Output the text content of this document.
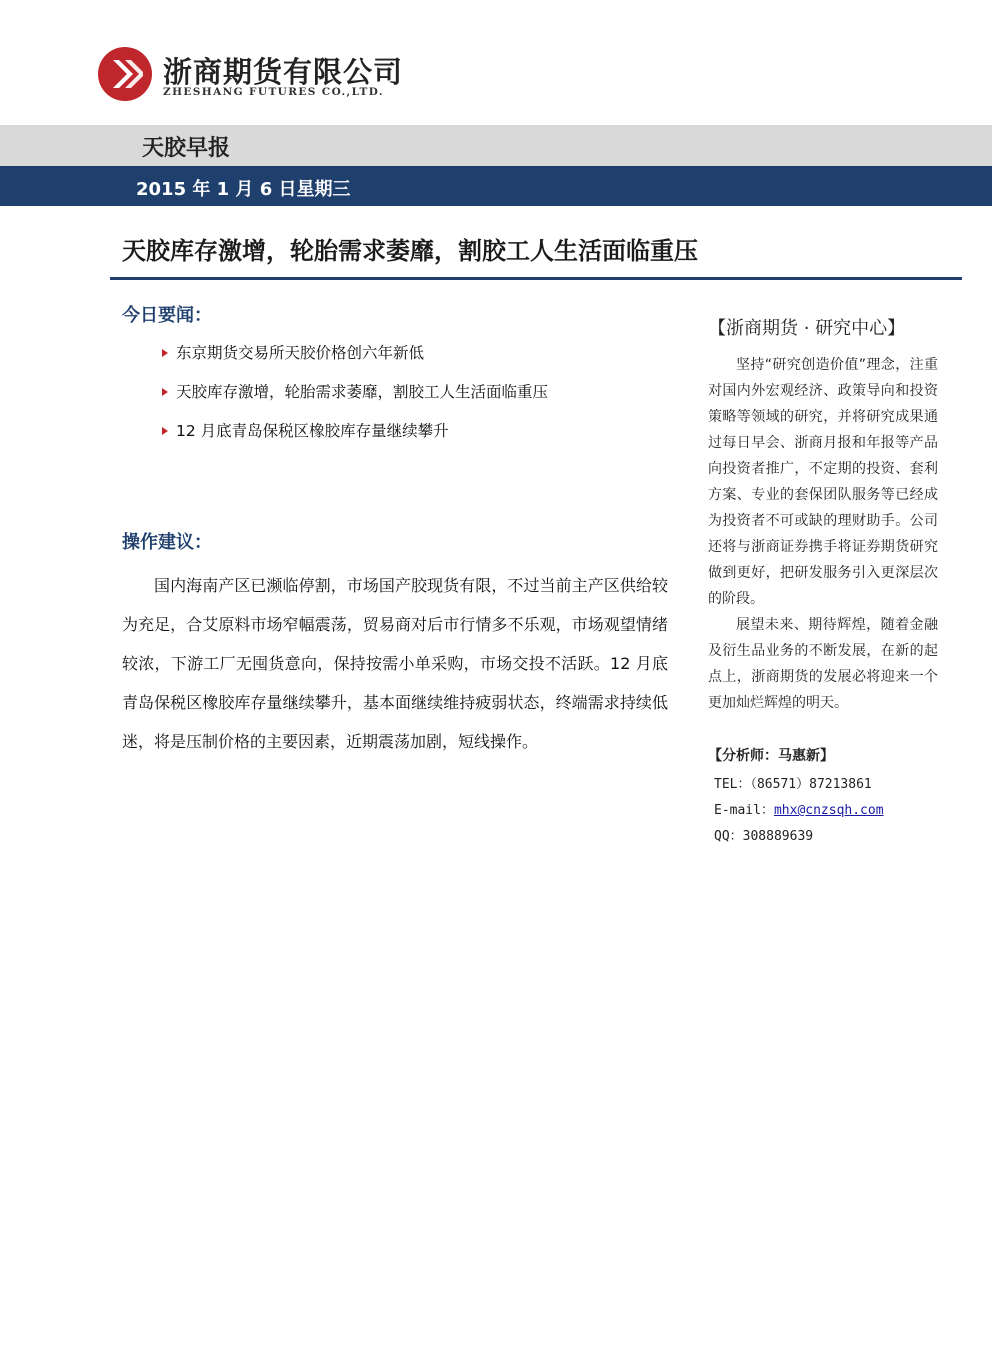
浙商期货有限公司
ZHESHANG FUTURES CO.,LTD.
天胶早报
2015 年 1 月 6 日星期三
天胶库存激增，轮胎需求萎靡，割胶工人生活面临重压
今日要闻：
东京期货交易所天胶价格创六年新低
天胶库存激增，轮胎需求萎靡，割胶工人生活面临重压
12 月底青岛保税区橡胶库存量继续攀升
操作建议：

国内海南产区已濒临停割，市场国产胶现货有限，不过当前主产区供给较为充足，合艾原料市场窄幅震荡，贸易商对后市行情多不乐观，市场观望情绪较浓，下游工厂无囤货意向，保持按需小单采购，市场交投不活跃。12 月底青岛保税区橡胶库存量继续攀升，基本面继续维持疲弱状态，终端需求持续低迷，将是压制价格的主要因素，近期震荡加剧，短线操作。

【浙商期货 · 研究中心】

坚持“研究创造价值”理念，注重对国内外宏观经济、政策导向和投资策略等领域的研究，并将研究成果通过每日早会、浙商月报和年报等产品向投资者推广，不定期的投资、套利方案、专业的套保团队服务等已经成为投资者不可或缺的理财助手。公司还将与浙商证券携手将证券期货研究做到更好，把研发服务引入更深层次的阶段。

展望未来、期待辉煌，随着金融及衍生品业务的不断发展，在新的起点上，浙商期货的发展必将迎来一个更加灿烂辉煌的明天。

【分析师：马惠新】
TEL：（86571）87213861
E-mail：mhx@cnzsqh.com
QQ：308889639
